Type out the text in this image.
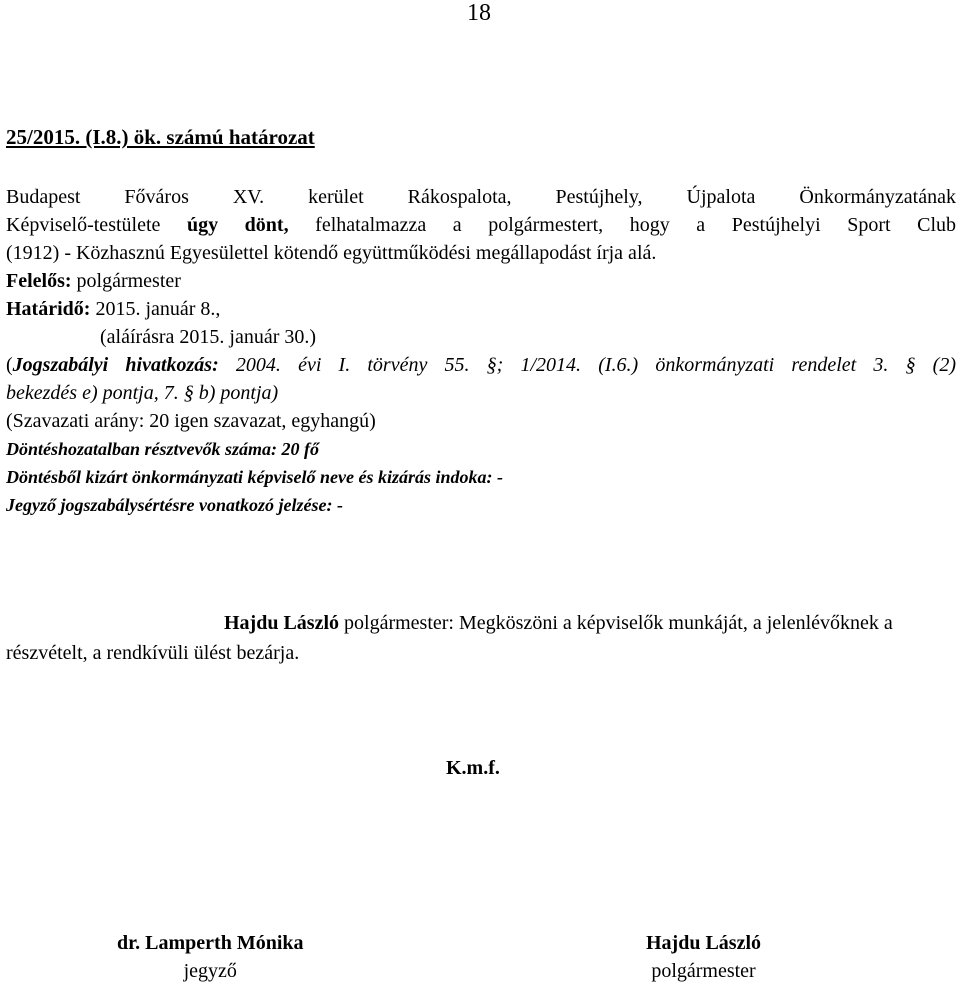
18
25/2015. (I.8.) ök. számú határozat
Budapest Főváros XV. kerület Rákospalota, Pestújhely, Újpalota Önkormányzatának
Képviselő-testülete úgy dönt, felhatalmazza a polgármestert, hogy a Pestújhelyi Sport Club
(1912) - Közhasznú Egyesülettel kötendő együttműködési megállapodást írja alá.
Felelős: polgármester
Határidő: 2015. január 8.,
(aláírásra 2015. január 30.)
(Jogszabályi hivatkozás: 2004. évi I. törvény 55. §; 1/2014. (I.6.) önkormányzati rendelet 3. § (2)
bekezdés e) pontja, 7. § b) pontja)
(Szavazati arány: 20 igen szavazat, egyhangú)
Döntéshozatalban résztvevők száma: 20 fő
Döntésből kizárt önkormányzati képviselő neve és kizárás indoka: -
Jegyző jogszabálysértésre vonatkozó jelzése: -
Hajdu László polgármester: Megköszöni a képviselők munkáját, a jelenlévőknek a részvételt, a rendkívüli ülést bezárja.
K.m.f.
dr. Lamperth Mónika
jegyző
Hajdu László
polgármester
